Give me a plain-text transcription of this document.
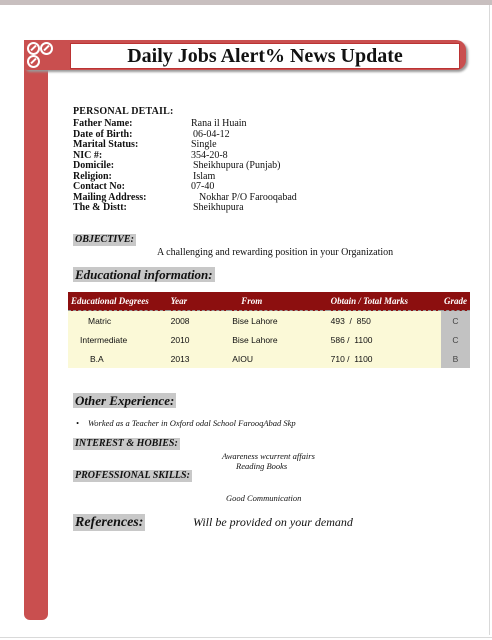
Daily Jobs Alert% News Update
PERSONAL DETAIL:
Father Name:	Rana il Huain
Date of Birth:	06-04-12
Marital Status:	Single
NIC #:	354-20-8
Domicile:	Sheikhupura (Punjab)
Religion:	Islam
Contact No:	07-40
Mailing Address:	Nokhar P/O Farooqabad
The & Distt:	Sheikhupura
OBJECTIVE:
A challenging and rewarding position in your Organization
Educational information:
Educational Degrees	Year	From	Obtain / Total Marks	Grade
Matric	2008	Bise Lahore	493  /  850	C
Intermediate	2010	Bise Lahore	586 /  1100	C
B.A	2013	AIOU	710 /  1100	B
Other Experience:
• Worked as a Teacher in Oxford odal School FarooqAbad Skp
INTEREST & HOBIES:
Awareness wcurrent affairs
Reading Books
PROFESSIONAL SKILLS:
Good Communication
References:	Will be provided on your demand
